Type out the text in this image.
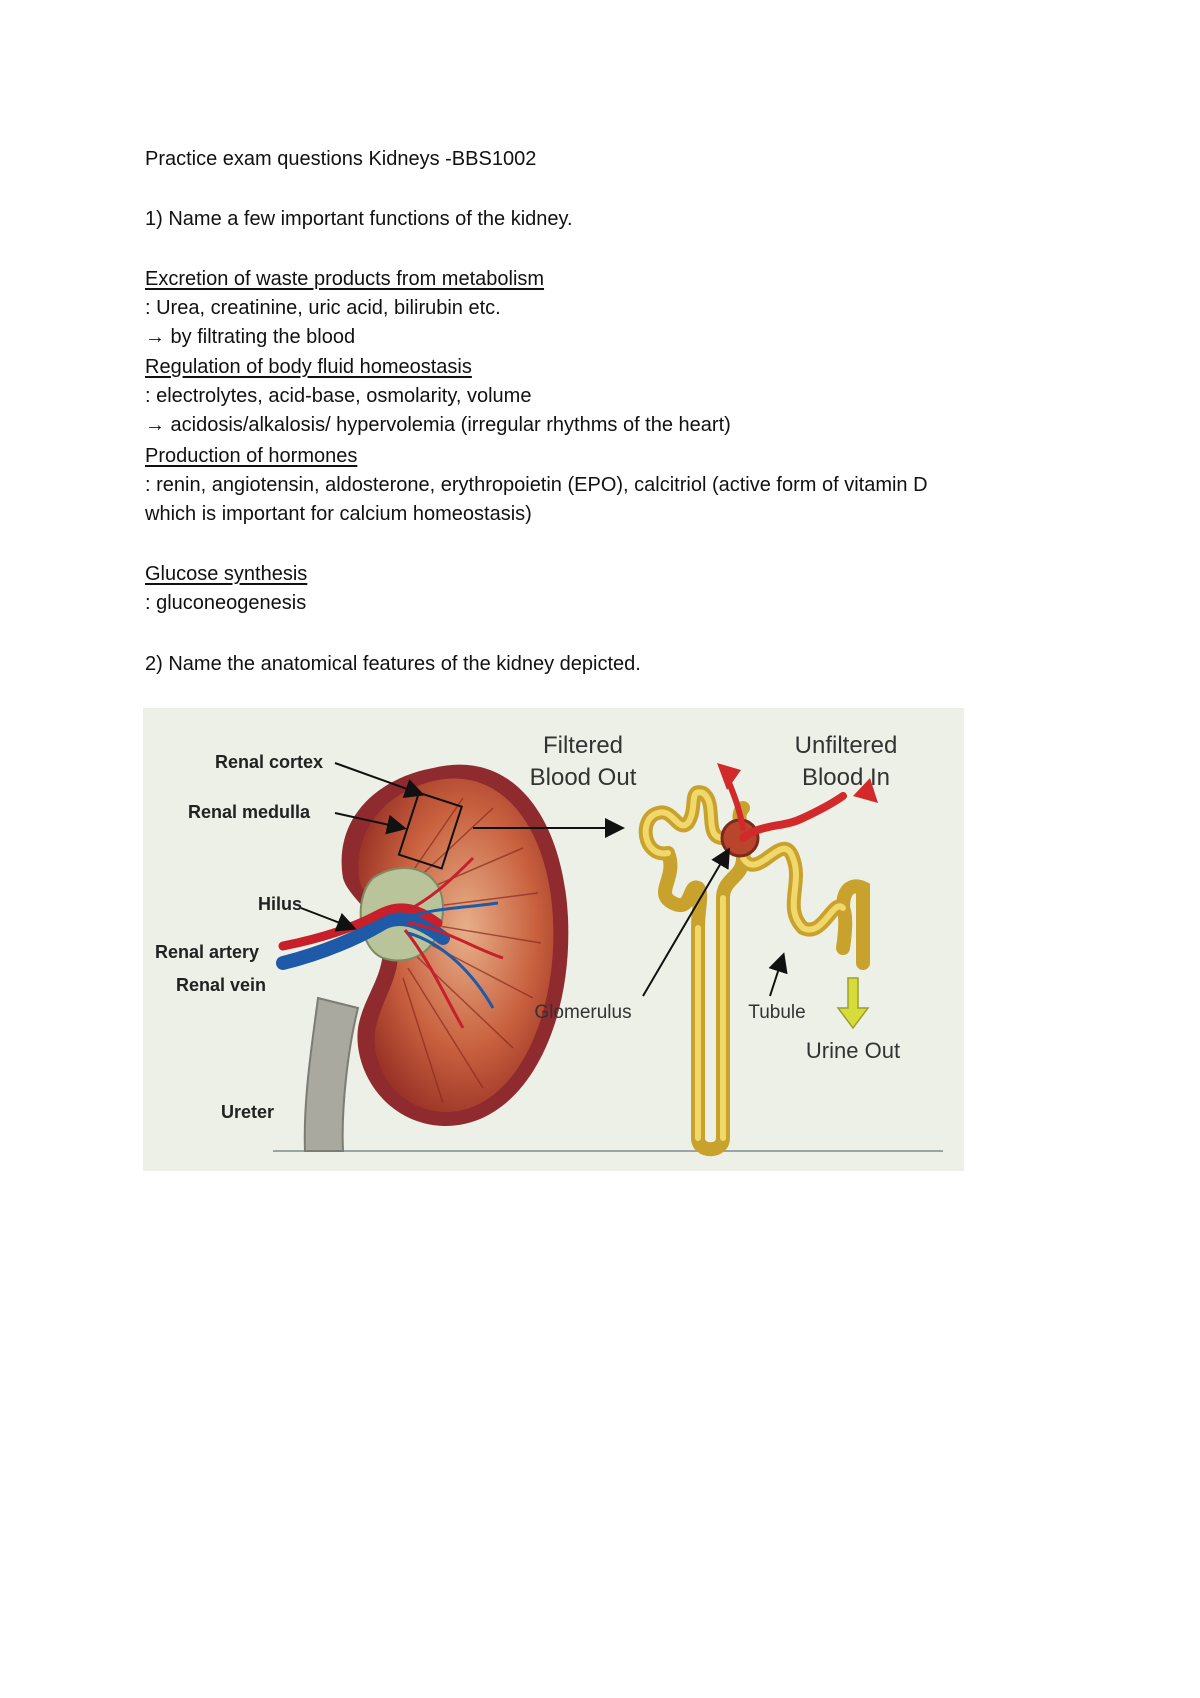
Practice exam questions Kidneys -BBS1002
1) Name a few important functions of the kidney.
Excretion of waste products from metabolism
: Urea, creatinine, uric acid, bilirubin etc.
→ by filtrating the blood
Regulation of body fluid homeostasis
: electrolytes, acid-base, osmolarity, volume
→ acidosis/alkalosis/ hypervolemia (irregular rhythms of the heart)
Production of hormones
: renin, angiotensin, aldosterone, erythropoietin (EPO), calcitriol (active form of vitamin D
which is important for calcium homeostasis)
Glucose synthesis
: gluconeogenesis
2) Name the anatomical features of the kidney depicted.
Renal cortex
Renal medulla
Hilus
Renal artery
Renal vein
Ureter
Filtered
Blood Out
Unfiltered
Blood In
Glomerulus	Tubule
Urine Out
